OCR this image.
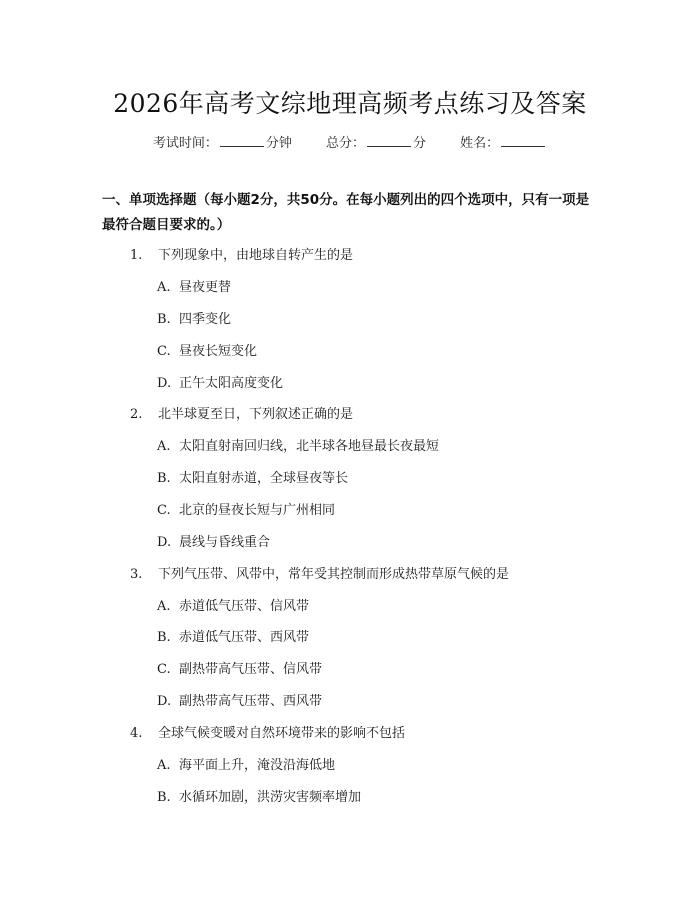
2026年高考文综地理高频考点练习及答案
考试时间：	分钟	总分：	分	姓名：
一、单项选择题（每小题2分，共50分。在每小题列出的四个选项中，只有一项是最符合题目要求的。）
1. 下列现象中，由地球自转产生的是
A. 昼夜更替
B. 四季变化
C. 昼夜长短变化
D. 正午太阳高度变化
2. 北半球夏至日，下列叙述正确的是
A. 太阳直射南回归线，北半球各地昼最长夜最短
B. 太阳直射赤道，全球昼夜等长
C. 北京的昼夜长短与广州相同
D. 晨线与昏线重合
3. 下列气压带、风带中，常年受其控制而形成热带草原气候的是
A. 赤道低气压带、信风带
B. 赤道低气压带、西风带
C. 副热带高气压带、信风带
D. 副热带高气压带、西风带
4. 全球气候变暖对自然环境带来的影响不包括
A. 海平面上升，淹没沿海低地
B. 水循环加剧，洪涝灾害频率增加
